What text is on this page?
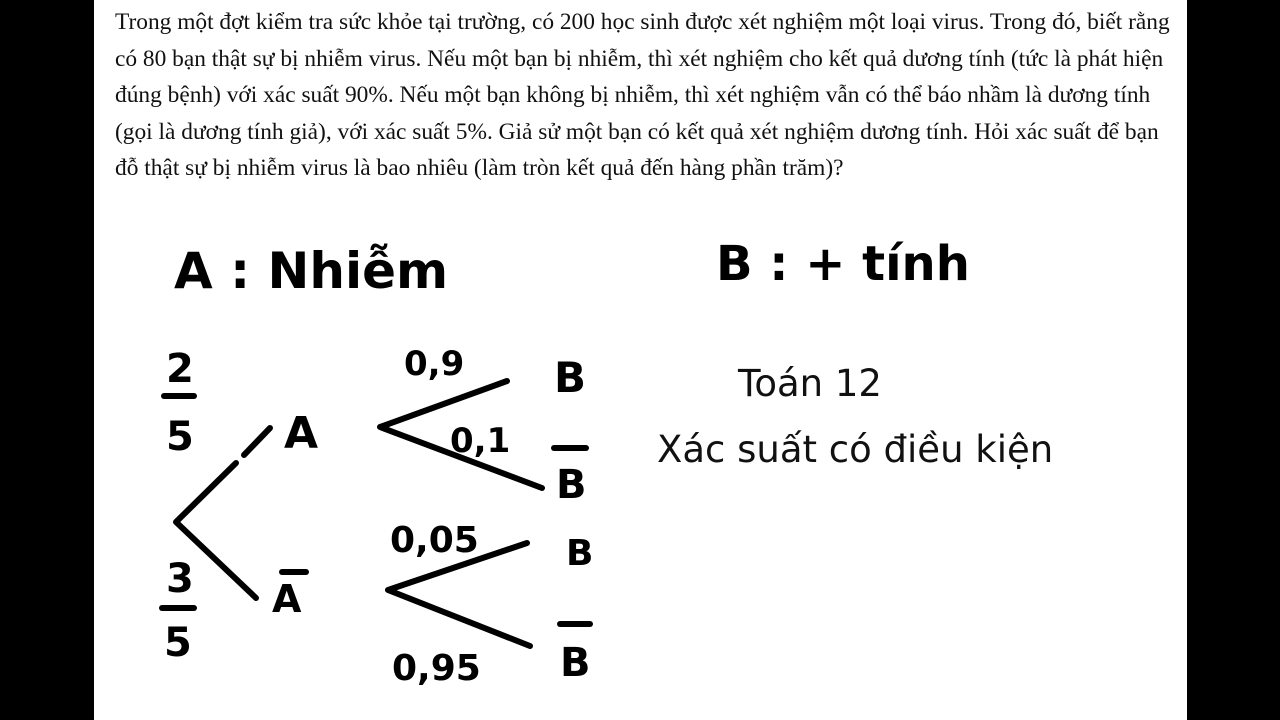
Trong một đợt kiểm tra sức khỏe tại trường, có 200 học sinh được xét nghiệm một loại virus. Trong đó, biết rằng có 80 bạn thật sự bị nhiễm virus. Nếu một bạn bị nhiễm, thì xét nghiệm cho kết quả dương tính (tức là phát hiện đúng bệnh) với xác suất 90%. Nếu một bạn không bị nhiễm, thì xét nghiệm vẫn có thể báo nhầm là dương tính (gọi là dương tính giả), với xác suất 5%. Giả sử một bạn có kết quả xét nghiệm dương tính. Hỏi xác suất để bạn đỗ thật sự bị nhiễm virus là bao nhiêu (làm tròn kết quả đến hàng phần trăm)?

A : Nhiễm	B : + tính
2
5
3
5
A
A
0,9
0,1
B
B
0,05
0,95
B
B
Toán 12
Xác suất có điều kiện
